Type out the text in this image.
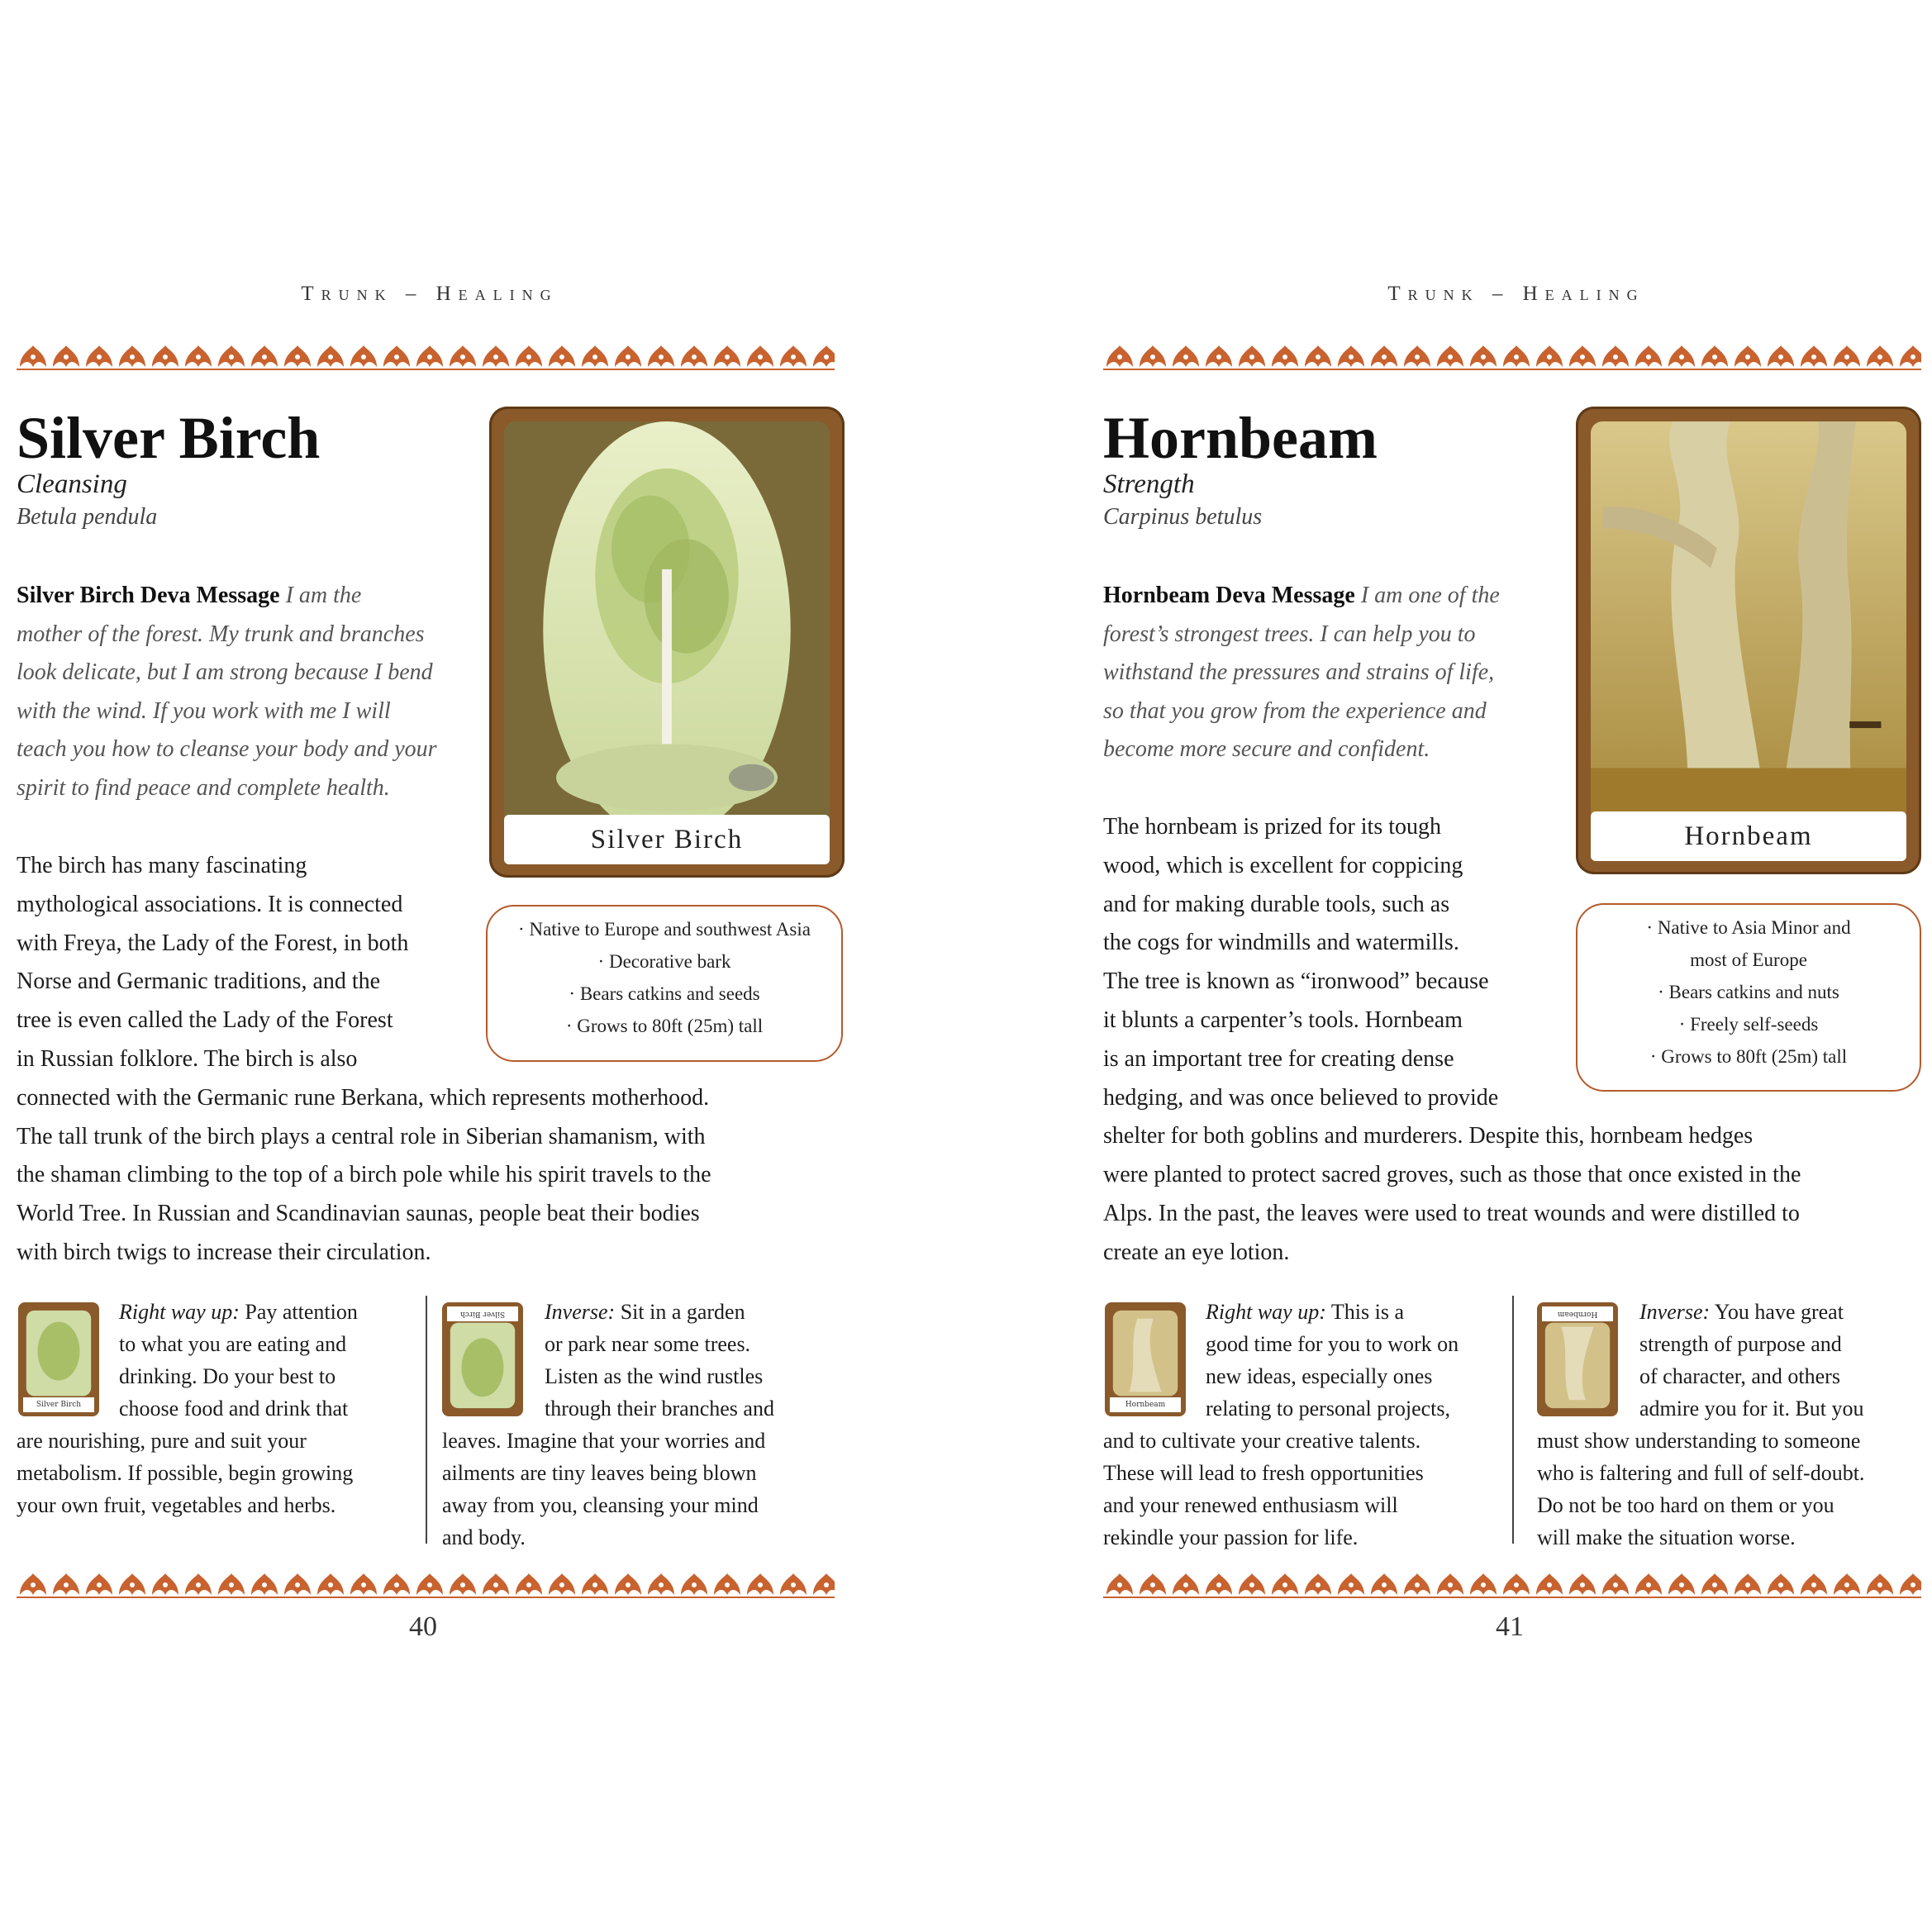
Trunk – Healing
Silver Birch
Cleansing
Betula pendula
Silver Birch Deva Message I am the
mother of the forest. My trunk and branches
look delicate, but I am strong because I bend
with the wind. If you work with me I will
teach you how to cleanse your body and your
spirit to find peace and complete health.
Silver Birch
· Native to Europe and southwest Asia
· Decorative bark
· Bears catkins and seeds
· Grows to 80ft (25m) tall
The birch has many fascinating
mythological associations. It is connected
with Freya, the Lady of the Forest, in both
Norse and Germanic traditions, and the
tree is even called the Lady of the Forest
in Russian folklore. The birch is also
connected with the Germanic rune Berkana, which represents motherhood.
The tall trunk of the birch plays a central role in Siberian shamanism, with
the shaman climbing to the top of a birch pole while his spirit travels to the
World Tree. In Russian and Scandinavian saunas, people beat their bodies
with birch twigs to increase their circulation.
Silver Birch
Right way up: Pay attention
to what you are eating and
drinking. Do your best to
choose food and drink that
are nourishing, pure and suit your
metabolism. If possible, begin growing
your own fruit, vegetables and herbs.
Silver Birch	Inverse: Sit in a garden
or park near some trees.
Listen as the wind rustles
through their branches and
leaves. Imagine that your worries and
ailments are tiny leaves being blown
away from you, cleansing your mind
and body.
40
Trunk – Healing
Hornbeam
Strength
Carpinus betulus
Hornbeam Deva Message I am one of the
forest’s strongest trees. I can help you to
withstand the pressures and strains of life,
so that you grow from the experience and
become more secure and confident.
Hornbeam
· Native to Asia Minor and
most of Europe
· Bears catkins and nuts
· Freely self-seeds
· Grows to 80ft (25m) tall
The hornbeam is prized for its tough
wood, which is excellent for coppicing
and for making durable tools, such as
the cogs for windmills and watermills.
The tree is known as “ironwood” because
it blunts a carpenter’s tools. Hornbeam
is an important tree for creating dense
hedging, and was once believed to provide
shelter for both goblins and murderers. Despite this, hornbeam hedges
were planted to protect sacred groves, such as those that once existed in the
Alps. In the past, the leaves were used to treat wounds and were distilled to
create an eye lotion.
Hornbeam
Right way up: This is a
good time for you to work on
new ideas, especially ones
relating to personal projects,
and to cultivate your creative talents.
These will lead to fresh opportunities
and your renewed enthusiasm will
rekindle your passion for life.
Hornbeam	Inverse: You have great
strength of purpose and
of character, and others
admire you for it. But you
must show understanding to someone
who is faltering and full of self-doubt.
Do not be too hard on them or you
will make the situation worse.
41
